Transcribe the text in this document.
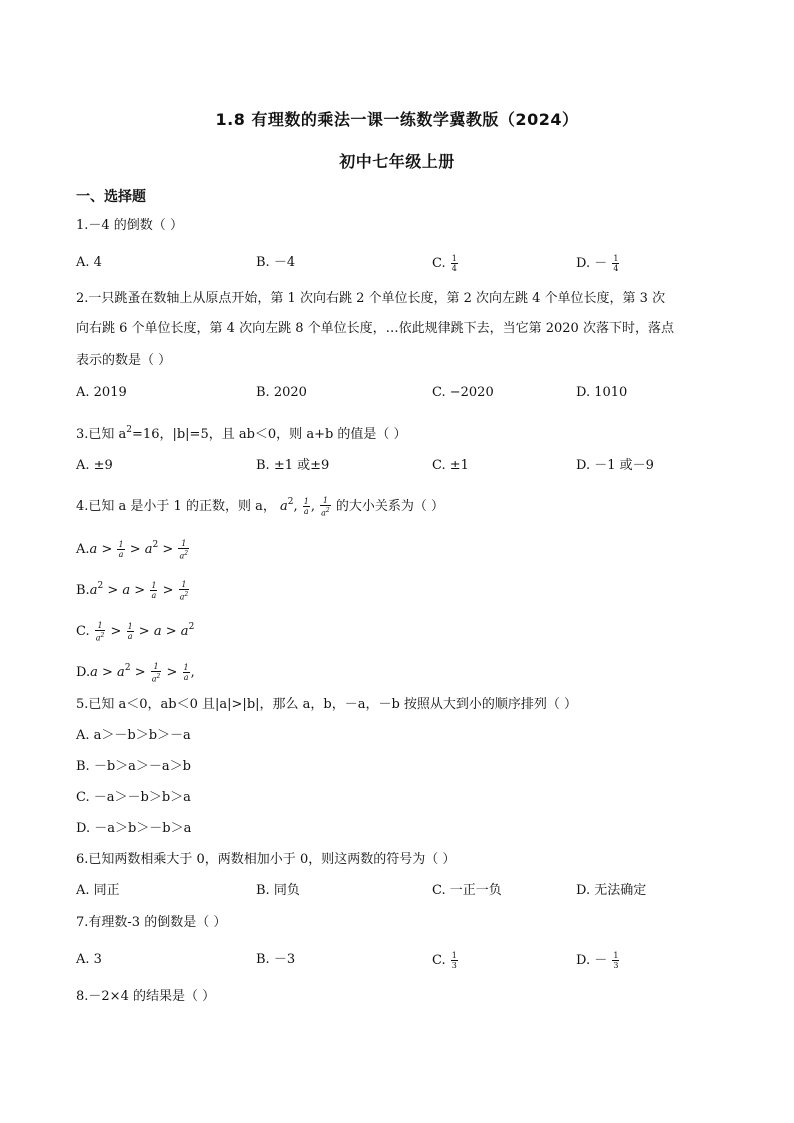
1.8 有理数的乘法一课一练数学冀教版（2024）
初中七年级上册
一、选择题
1.－4 的倒数（ ）
A. 4	B. －4	C. $\frac{1}{4}$	D. － $\frac{1}{4}$
2.一只跳蚤在数轴上从原点开始，第 1 次向右跳 2 个单位长度，第 2 次向左跳 4 个单位长度，第 3 次
向右跳 6 个单位长度，第 4 次向左跳 8 个单位长度，…依此规律跳下去，当它第 2020 次落下时，落点
表示的数是（ ）
A. 2019	B. 2020	C. −2020	D. 1010
3.已知 $a^2=16$，|b|=5，且 ab＜0，则 a+b 的值是（ ）
A. ±9	B. ±1 或±9	C. ±1	D. －1 或－9
4.已知 a 是小于 1 的正数，则 a， $a^2$, $\frac{1}{a}$ , $\frac{1}{a^2}$ 的大小关系为（ ）
$A.a > \frac{1}{a} > a^2 > \frac{1}{a^2}$
$B.a^2 > a > \frac{1}{a} > \frac{1}{a^2}$
C. $\frac{1}{a^2} > \frac{1}{a} > a > a^2$
$D.a > a^2 > \frac{1}{a^2} > \frac{1}{a}$ ,
5.已知 a＜0，ab＜0 且|a|>|b|，那么 a，b，－a，－b 按照从大到小的顺序排列（ ）
A. a＞－b＞b＞－a
B. －b＞a＞－a＞b
C. －a＞－b＞b＞a
D. －a＞b＞－b＞a
6.已知两数相乘大于 0，两数相加小于 0，则这两数的符号为（ ）
A. 同正	B. 同负	C. 一正一负	D. 无法确定
7.有理数-3 的倒数是（ ）
A. 3	B. －3	C. $\frac{1}{3}$	D. － $\frac{1}{3}$
8.－2×4 的结果是（ ）
